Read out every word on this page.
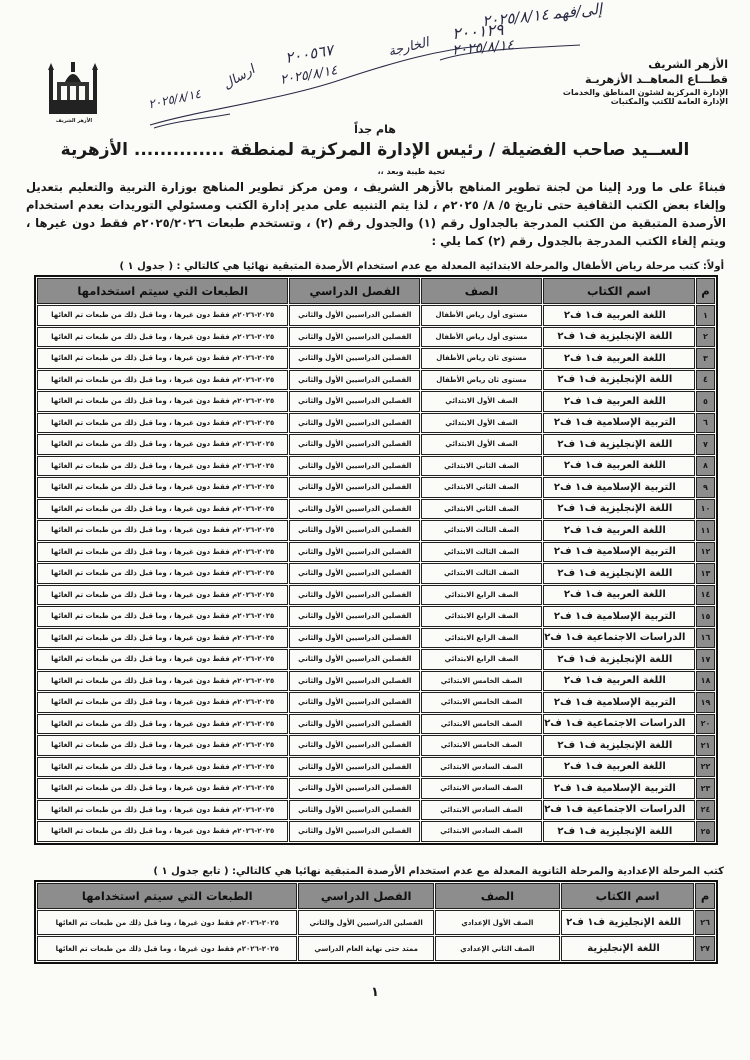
ﺇلى/ﻓﻬﻤ ٢٠٢٥/٨/١٤
٢٠٠١٢٩
٢٠٢٥/٨/١٤
٢٠٠٥٦٧	الخارجة
٢٠٢٥/٨/١٤
ﺍﺭﺳﺎل
٢٠٢٥/٨/١٤
الأزهر الشريف
الأزهر الشريف
قطـــاع المعاهــد الأزهريـة
الإدارة المركزية لشئون المناطق والخدمات
الإدارة العامة للكتب والمكتبات
هام جداً
الســيد صاحب الفضيلة / رئيس الإدارة المركزية لمنطقة .............. الأزهرية
تحية طيبة وبعد ،،
فبناءً على ما ورد إلينا من لجنة تطوير المناهج بالأزهر الشريف ، ومن مركز تطوير المناهج بوزارة التربية والتعليم بتعديل وإلغاء بعض الكتب الثقافية حتى تاريخ ٥/ ٨/ ٢٠٢٥م ، لذا يتم التنبيه على مدير إدارة الكتب ومسئولي التوريدات بعدم استخدام الأرصدة المتبقية من الكتب المدرجة بالجداول رقم (١) والجدول رقم (٢) ، وتستخدم طبعات ٢٠٢٥/٢٠٢٦م فقط دون غيرها ، ويتم إلغاء الكتب المدرجة بالجدول رقم (٢) كما يلي :
أولاً: كتب مرحلة رياض الأطفال والمرحلة الابتدائية المعدلة مع عدم استخدام الأرصدة المتبقية نهائيا هي كالتالي : ( جدول ١ )
م	اسم الكتاب	الصف	الفصل الدراسي	الطبعات التي سيتم استخدامها
١	اللغة العربية ف١ ف٢	مستوى أول رياض الأطفال	الفصلين الدراسيين الأول والثاني	٢٠٢٥-٢٠٢٦م فقط دون غيرها ، وما قبل ذلك من طبعات تم الغائها
٢	اللغة الإنجليزية ف١ ف٢	مستوى أول رياض الأطفال	الفصلين الدراسيين الأول والثاني	٢٠٢٥-٢٠٢٦م فقط دون غيرها ، وما قبل ذلك من طبعات تم الغائها
٣	اللغة العربية ف١ ف٢	مستوى ثان رياض الأطفال	الفصلين الدراسيين الأول والثاني	٢٠٢٥-٢٠٢٦م فقط دون غيرها ، وما قبل ذلك من طبعات تم الغائها
٤	اللغة الإنجليزية ف١ ف٢	مستوى ثان رياض الأطفال	الفصلين الدراسيين الأول والثاني	٢٠٢٥-٢٠٢٦م فقط دون غيرها ، وما قبل ذلك من طبعات تم الغائها
٥	اللغة العربية ف١ ف٢	الصف الأول الابتدائي	الفصلين الدراسيين الأول والثاني	٢٠٢٥-٢٠٢٦م فقط دون غيرها ، وما قبل ذلك من طبعات تم الغائها
٦	التربية الإسلامية ف١ ف٢	الصف الأول الابتدائي	الفصلين الدراسيين الأول والثاني	٢٠٢٥-٢٠٢٦م فقط دون غيرها ، وما قبل ذلك من طبعات تم الغائها
٧	اللغة الإنجليزية ف١ ف٢	الصف الأول الابتدائي	الفصلين الدراسيين الأول والثاني	٢٠٢٥-٢٠٢٦م فقط دون غيرها ، وما قبل ذلك من طبعات تم الغائها
٨	اللغة العربية ف١ ف٢	الصف الثاني الابتدائي	الفصلين الدراسيين الأول والثاني	٢٠٢٥-٢٠٢٦م فقط دون غيرها ، وما قبل ذلك من طبعات تم الغائها
٩	التربية الإسلامية ف١ ف٢	الصف الثاني الابتدائي	الفصلين الدراسيين الأول والثاني	٢٠٢٥-٢٠٢٦م فقط دون غيرها ، وما قبل ذلك من طبعات تم الغائها
١٠	اللغة الإنجليزية ف١ ف٢	الصف الثاني الابتدائي	الفصلين الدراسيين الأول والثاني	٢٠٢٥-٢٠٢٦م فقط دون غيرها ، وما قبل ذلك من طبعات تم الغائها
١١	اللغة العربية ف١ ف٢	الصف الثالث الابتدائي	الفصلين الدراسيين الأول والثاني	٢٠٢٥-٢٠٢٦م فقط دون غيرها ، وما قبل ذلك من طبعات تم الغائها
١٢	التربية الإسلامية ف١ ف٢	الصف الثالث الابتدائي	الفصلين الدراسيين الأول والثاني	٢٠٢٥-٢٠٢٦م فقط دون غيرها ، وما قبل ذلك من طبعات تم الغائها
١٣	اللغة الإنجليزية ف١ ف٢	الصف الثالث الابتدائي	الفصلين الدراسيين الأول والثاني	٢٠٢٥-٢٠٢٦م فقط دون غيرها ، وما قبل ذلك من طبعات تم الغائها
١٤	اللغة العربية ف١ ف٢	الصف الرابع الابتدائي	الفصلين الدراسيين الأول والثاني	٢٠٢٥-٢٠٢٦م فقط دون غيرها ، وما قبل ذلك من طبعات تم الغائها
١٥	التربية الإسلامية ف١ ف٢	الصف الرابع الابتدائي	الفصلين الدراسيين الأول والثاني	٢٠٢٥-٢٠٢٦م فقط دون غيرها ، وما قبل ذلك من طبعات تم الغائها
١٦	الدراسات الاجتماعية ف١ ف٢	الصف الرابع الابتدائي	الفصلين الدراسيين الأول والثاني	٢٠٢٥-٢٠٢٦م فقط دون غيرها ، وما قبل ذلك من طبعات تم الغائها
١٧	اللغة الإنجليزية ف١ ف٢	الصف الرابع الابتدائي	الفصلين الدراسيين الأول والثاني	٢٠٢٥-٢٠٢٦م فقط دون غيرها ، وما قبل ذلك من طبعات تم الغائها
١٨	اللغة العربية ف١ ف٢	الصف الخامس الابتدائي	الفصلين الدراسيين الأول والثاني	٢٠٢٥-٢٠٢٦م فقط دون غيرها ، وما قبل ذلك من طبعات تم الغائها
١٩	التربية الإسلامية ف١ ف٢	الصف الخامس الابتدائي	الفصلين الدراسيين الأول والثاني	٢٠٢٥-٢٠٢٦م فقط دون غيرها ، وما قبل ذلك من طبعات تم الغائها
٢٠	الدراسات الاجتماعية ف١ ف٢	الصف الخامس الابتدائي	الفصلين الدراسيين الأول والثاني	٢٠٢٥-٢٠٢٦م فقط دون غيرها ، وما قبل ذلك من طبعات تم الغائها
٢١	اللغة الإنجليزية ف١ ف٢	الصف الخامس الابتدائي	الفصلين الدراسيين الأول والثاني	٢٠٢٥-٢٠٢٦م فقط دون غيرها ، وما قبل ذلك من طبعات تم الغائها
٢٢	اللغة العربية ف١ ف٢	الصف السادس الابتدائي	الفصلين الدراسيين الأول والثاني	٢٠٢٥-٢٠٢٦م فقط دون غيرها ، وما قبل ذلك من طبعات تم الغائها
٢٣	التربية الإسلامية ف١ ف٢	الصف السادس الابتدائي	الفصلين الدراسيين الأول والثاني	٢٠٢٥-٢٠٢٦م فقط دون غيرها ، وما قبل ذلك من طبعات تم الغائها
٢٤	الدراسات الاجتماعية ف١ ف٢	الصف السادس الابتدائي	الفصلين الدراسيين الأول والثاني	٢٠٢٥-٢٠٢٦م فقط دون غيرها ، وما قبل ذلك من طبعات تم الغائها
٢٥	اللغة الإنجليزية ف١ ف٢	الصف السادس الابتدائي	الفصلين الدراسيين الأول والثاني	٢٠٢٥-٢٠٢٦م فقط دون غيرها ، وما قبل ذلك من طبعات تم الغائها
كتب المرحلة الإعدادية والمرحلة الثانوية المعدلة مع عدم استخدام الأرصدة المتبقية نهائيا هي كالتالي: ( تابع جدول ١ )
م	اسم الكتاب	الصف	الفصل الدراسي	الطبعات التي سيتم استخدامها
٢٦	اللغة الإنجليزية ف١ ف٢	الصف الأول الإعدادي	الفصلين الدراسيين الأول والثاني	٢٠٢٥-٢٠٢٦م فقط دون غيرها ، وما قبل ذلك من طبعات تم الغائها
٢٧	اللغة الإنجليزية	الصف الثاني الإعدادي	ممتد حتى نهاية العام الدراسي	٢٠٢٥-٢٠٢٦م فقط دون غيرها ، وما قبل ذلك من طبعات تم الغائها
١
